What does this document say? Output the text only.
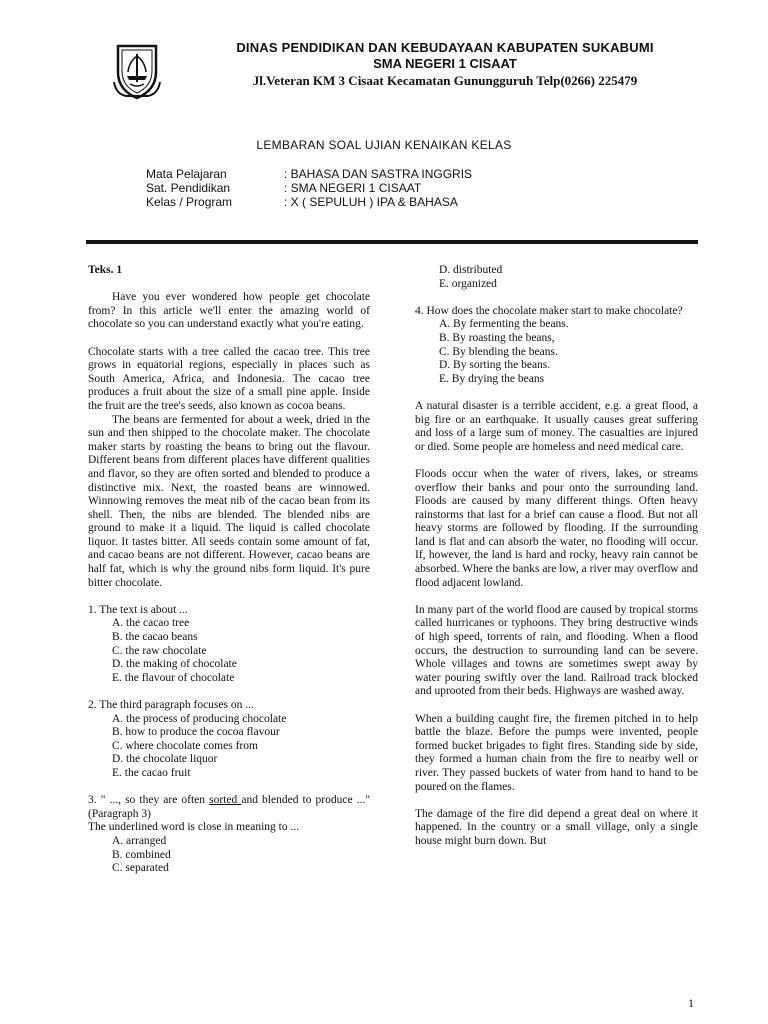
DINAS PENDIDIKAN DAN KEBUDAYAAN KABUPATEN SUKABUMI
SMA NEGERI 1 CISAAT
Jl.Veteran KM 3 Cisaat Kecamatan Gunungguruh Telp(0266) 225479
LEMBARAN SOAL UJIAN KENAIKAN KELAS
Mata Pelajaran	: BAHASA DAN SASTRA INGGRIS
Sat. Pendidikan	: SMA NEGERI 1 CISAAT
Kelas / Program	: X ( SEPULUH ) IPA & BAHASA
Teks. 1

Have you ever wondered how people get chocolate from? In this article we'll enter the amazing world of chocolate so you can understand exactly what you're eating.

Chocolate starts with a tree called the cacao tree. This tree grows in equatorial regions, especially in places such as South America, Africa, and Indonesia. The cacao tree produces a fruit about the size of a small pine apple. Inside the fruit are the tree's seeds, also known as cocoa beans.

The beans are fermented for about a week, dried in the sun and then shipped to the chocolate maker. The chocolate maker starts by roasting the beans to bring out the flavour. Different beans from different places have different qualities and flavor, so they are often sorted and blended to produce a distinctive mix. Next, the roasted beans are winnowed. Winnowing removes the meat nib of the cacao bean from its shell. Then, the nibs are blended. The blended nibs are ground to make it a liquid. The liquid is called chocolate liquor. It tastes bitter. All seeds contain some amount of fat, and cacao beans are not different. However, cacao beans are half fat, which is why the ground nibs form liquid. It's pure bitter chocolate.

1. The text is about ...
A. the cacao tree
B. the cacao beans
C. the raw chocolate
D. the making of chocolate
E. the flavour of chocolate
2. The third paragraph focuses on ...
A. the process of producing chocolate
B. how to produce the cocoa flavour
C. where chocolate comes from
D. the chocolate liquor
E. the cacao fruit
3. " ..., so they are often sorted and blended to produce ..." (Paragraph 3)
The underlined word is close in meaning to ...
A. arranged
B. combined
C. separated
D. distributed
E. organized
4. How does the chocolate maker start to make chocolate?
A. By fermenting the beans.
B. By roasting the beans,
C. By blending the beans.
D. By sorting the beans.
E. By drying the beans

A natural disaster is a terrible accident, e.g. a great flood, a big fire or an earthquake. It usually causes great suffering and loss of a large sum of money. The casualties are injured or died. Some people are homeless and need medical care.

Floods occur when the water of rivers, lakes, or streams overflow their banks and pour onto the surrounding land. Floods are caused by many different things. Often heavy rainstorms that last for a brief can cause a flood. But not all heavy storms are followed by flooding. If the surrounding land is flat and can absorb the water, no flooding will occur. If, however, the land is hard and rocky, heavy rain cannot be absorbed. Where the banks are low, a river may overflow and flood adjacent lowland.

In many part of the world flood are caused by tropical storms called hurricanes or typhoons. They bring destructive winds of high speed, torrents of rain, and flooding. When a flood occurs, the destruction to surrounding land can be severe. Whole villages and towns are sometimes swept away by water pouring swiftly over the land. Railroad track blocked and uprooted from their beds. Highways are washed away.

When a building caught fire, the firemen pitched in to help battle the blaze. Before the pumps were invented, people formed bucket brigades to fight fires. Standing side by side, they formed a human chain from the fire to nearby well or river. They passed buckets of water from hand to hand to be poured on the flames.

The damage of the fire did depend a great deal on where it happened. In the country or a small village, only a single house might burn down. But

1
